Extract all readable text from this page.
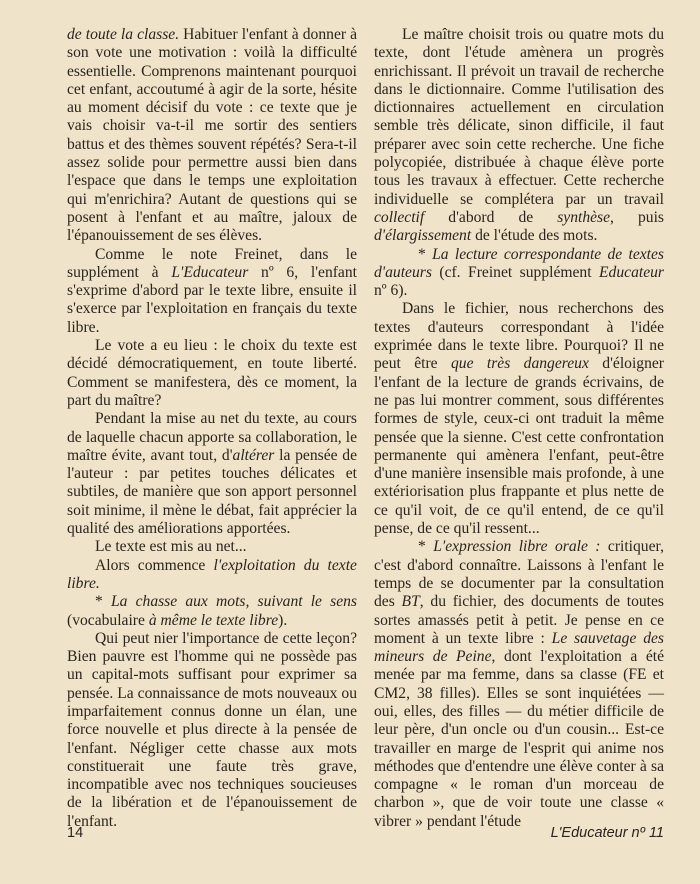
de toute la classe. Habituer l'enfant à donner à son vote une motivation : voilà la difficulté essentielle. Comprenons maintenant pourquoi cet enfant, accoutumé à agir de la sorte, hésite au moment décisif du vote : ce texte que je vais choisir va-t-il me sortir des sentiers battus et des thèmes souvent répétés? Sera-t-il assez solide pour permettre aussi bien dans l'espace que dans le temps une exploitation qui m'enrichira? Autant de questions qui se posent à l'enfant et au maître, jaloux de l'épanouissement de ses élèves.

Comme le note Freinet, dans le supplément à L'Educateur nº 6, l'enfant s'exprime d'abord par le texte libre, ensuite il s'exerce par l'exploitation en français du texte libre.

Le vote a eu lieu : le choix du texte est décidé démocratiquement, en toute liberté. Comment se manifestera, dès ce moment, la part du maître?

Pendant la mise au net du texte, au cours de laquelle chacun apporte sa collaboration, le maître évite, avant tout, d'altérer la pensée de l'auteur : par petites touches délicates et subtiles, de manière que son apport personnel soit minime, il mène le débat, fait apprécier la qualité des améliorations apportées.

Le texte est mis au net...

Alors commence l'exploitation du texte libre.

* La chasse aux mots, suivant le sens (vocabulaire à même le texte libre).

Qui peut nier l'importance de cette leçon? Bien pauvre est l'homme qui ne possède pas un capital-mots suffisant pour exprimer sa pensée. La connaissance de mots nouveaux ou imparfaitement connus donne un élan, une force nouvelle et plus directe à la pensée de l'enfant. Négliger cette chasse aux mots constituerait une faute très grave, incompatible avec nos techniques soucieuses de la libération et de l'épanouissement de l'enfant.

Le maître choisit trois ou quatre mots du texte, dont l'étude amènera un progrès enrichissant. Il prévoit un travail de recherche dans le dictionnaire. Comme l'utilisation des dictionnaires actuellement en circulation semble très délicate, sinon difficile, il faut préparer avec soin cette recherche. Une fiche polycopiée, distribuée à chaque élève porte tous les travaux à effectuer. Cette recherche individuelle se complétera par un travail collectif d'abord de synthèse, puis d'élargissement de l'étude des mots.

* La lecture correspondante de textes d'auteurs (cf. Freinet supplément Educateur nº 6).

Dans le fichier, nous recherchons des textes d'auteurs correspondant à l'idée exprimée dans le texte libre. Pourquoi? Il ne peut être que très dangereux d'éloigner l'enfant de la lecture de grands écrivains, de ne pas lui montrer comment, sous différentes formes de style, ceux-ci ont traduit la même pensée que la sienne. C'est cette confrontation permanente qui amènera l'enfant, peut-être d'une manière insensible mais profonde, à une extériorisation plus frappante et plus nette de ce qu'il voit, de ce qu'il entend, de ce qu'il pense, de ce qu'il ressent...

* L'expression libre orale : critiquer, c'est d'abord connaître. Laissons à l'enfant le temps de se documenter par la consultation des BT, du fichier, des documents de toutes sortes amassés petit à petit. Je pense en ce moment à un texte libre : Le sauvetage des mineurs de Peine, dont l'exploitation a été menée par ma femme, dans sa classe (FE et CM2, 38 filles). Elles se sont inquiétées — oui, elles, des filles — du métier difficile de leur père, d'un oncle ou d'un cousin... Est-ce travailler en marge de l'esprit qui anime nos méthodes que d'entendre une élève conter à sa compagne « le roman d'un morceau de charbon », que de voir toute une classe « vibrer » pendant l'étude

14	L'Educateur nº 11
